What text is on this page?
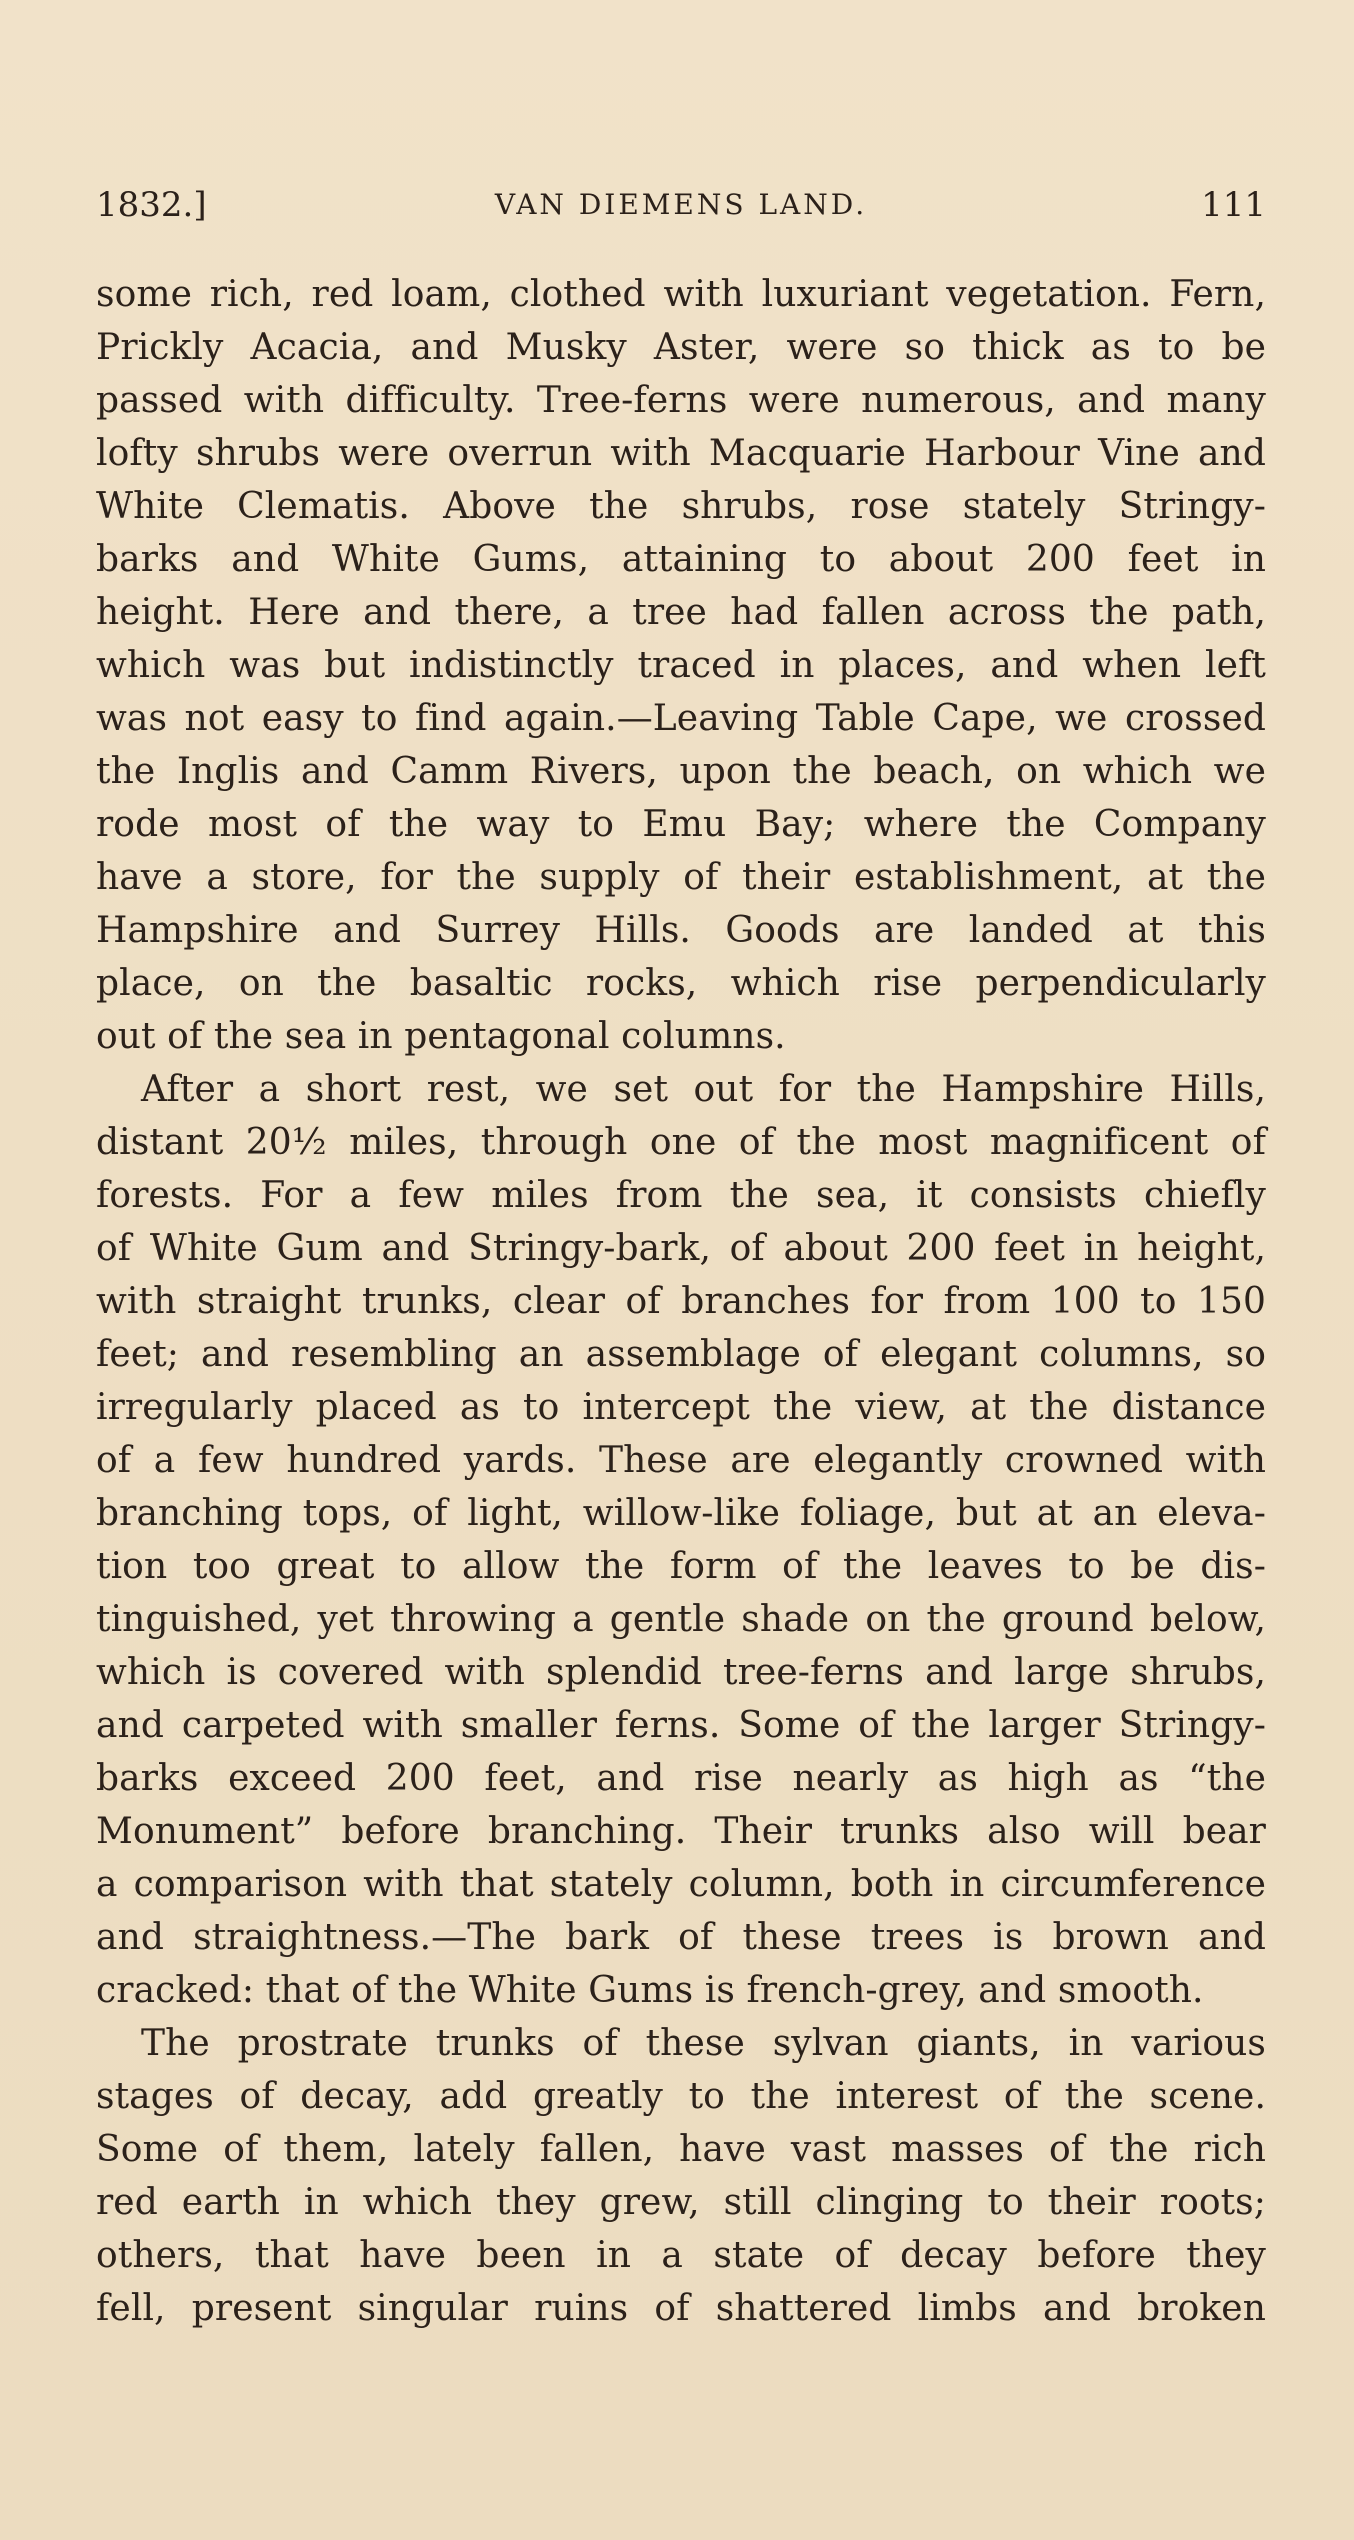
1832.]	VAN DIEMENS LAND.	111
some rich, red loam, clothed with luxuriant vegetation. Fern,
Prickly Acacia, and Musky Aster, were so thick as to be
passed with difficulty. Tree-ferns were numerous, and many
lofty shrubs were overrun with Macquarie Harbour Vine and
White Clematis. Above the shrubs, rose stately Stringy-
barks and White Gums, attaining to about 200 feet in
height. Here and there, a tree had fallen across the path,
which was but indistinctly traced in places, and when left
was not easy to find again.—Leaving Table Cape, we crossed
the Inglis and Camm Rivers, upon the beach, on which we
rode most of the way to Emu Bay; where the Company
have a store, for the supply of their establishment, at the
Hampshire and Surrey Hills. Goods are landed at this
place, on the basaltic rocks, which rise perpendicularly
out of the sea in pentagonal columns.
After a short rest, we set out for the Hampshire Hills,
distant 20½ miles, through one of the most magnificent of
forests. For a few miles from the sea, it consists chiefly
of White Gum and Stringy-bark, of about 200 feet in height,
with straight trunks, clear of branches for from 100 to 150
feet; and resembling an assemblage of elegant columns, so
irregularly placed as to intercept the view, at the distance
of a few hundred yards. These are elegantly crowned with
branching tops, of light, willow-like foliage, but at an eleva-
tion too great to allow the form of the leaves to be dis-
tinguished, yet throwing a gentle shade on the ground below,
which is covered with splendid tree-ferns and large shrubs,
and carpeted with smaller ferns. Some of the larger Stringy-
barks exceed 200 feet, and rise nearly as high as “the
Monument” before branching. Their trunks also will bear
a comparison with that stately column, both in circumference
and straightness.—The bark of these trees is brown and
cracked: that of the White Gums is french-grey, and smooth.
The prostrate trunks of these sylvan giants, in various
stages of decay, add greatly to the interest of the scene.
Some of them, lately fallen, have vast masses of the rich
red earth in which they grew, still clinging to their roots;
others, that have been in a state of decay before they
fell, present singular ruins of shattered limbs and broken
